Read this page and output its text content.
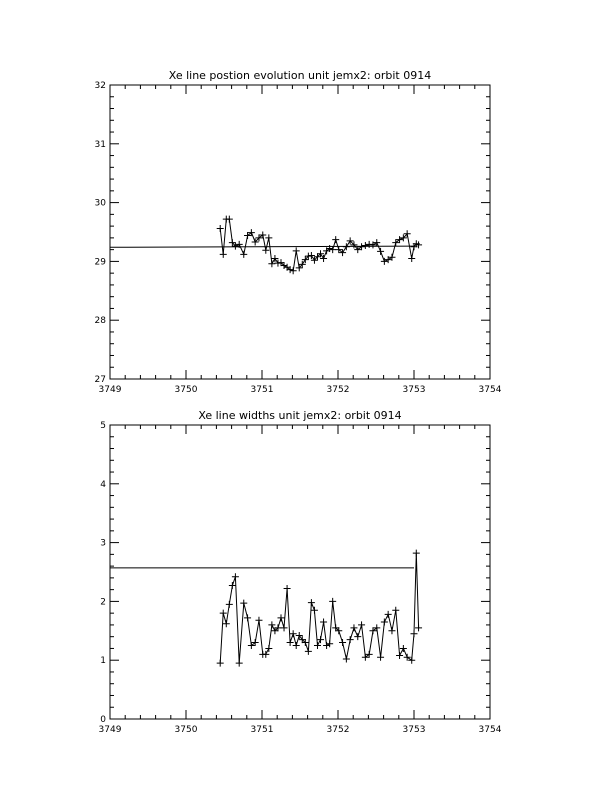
Xe line postion evolution unit jemx2: orbit 0914
3749	3750	3751	3752	3753	3754
27
28
29
30
31
32
Xe line widths unit jemx2: orbit 0914
3749	3750	3751	3752	3753	3754
0
1
2
3
4
5
